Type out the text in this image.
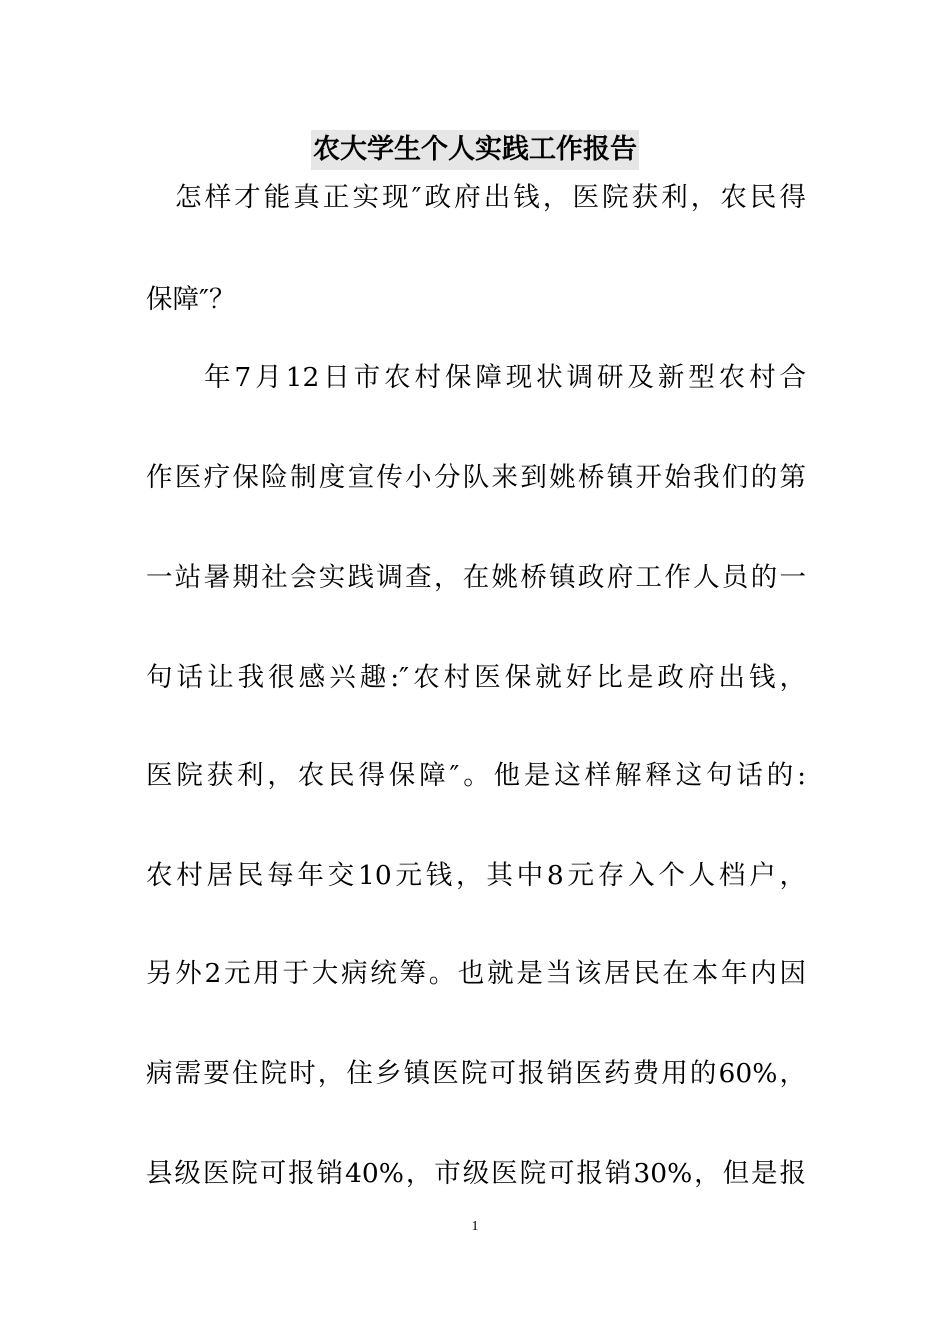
农大学生个人实践工作报告
怎样才能真正实现″政府出钱，医院获利，农民得
保障″？
年7月12日市农村保障现状调研及新型农村合
作医疗保险制度宣传小分队来到姚桥镇开始我们的第
一站暑期社会实践调查，在姚桥镇政府工作人员的一
句话让我很感兴趣:″农村医保就好比是政府出钱，
医院获利，农民得保障″。他是这样解释这句话的:
农村居民每年交10元钱，其中8元存入个人档户，
另外2元用于大病统筹。也就是当该居民在本年内因
病需要住院时，住乡镇医院可报销医药费用的60%，
县级医院可报销40%，市级医院可报销30%，但是报
1
